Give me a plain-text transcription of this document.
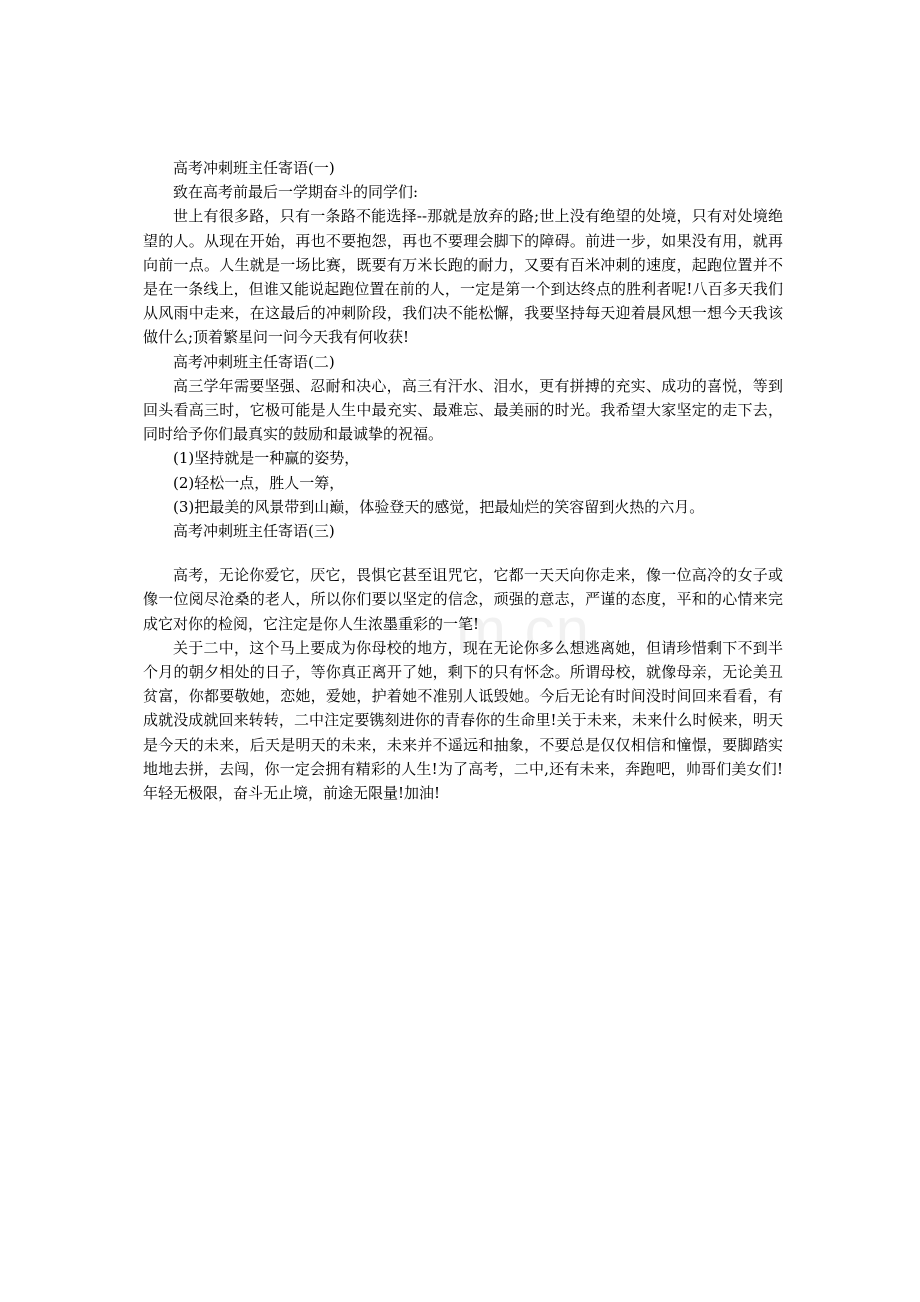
高考冲刺班主任寄语(一)

致在高考前最后一学期奋斗的同学们:

世上有很多路，只有一条路不能选择--那就是放弃的路;世上没有绝望的处境，只有对处境绝望的人。从现在开始，再也不要抱怨，再也不要理会脚下的障碍。前进一步，如果没有用，就再向前一点。人生就是一场比赛，既要有万米长跑的耐力，又要有百米冲刺的速度，起跑位置并不是在一条线上，但谁又能说起跑位置在前的人，一定是第一个到达终点的胜利者呢!八百多天我们从风雨中走来，在这最后的冲刺阶段，我们决不能松懈，我要坚持每天迎着晨风想一想今天我该做什么;顶着繁星问一问今天我有何收获!

高考冲刺班主任寄语(二)

高三学年需要坚强、忍耐和决心，高三有汗水、泪水，更有拼搏的充实、成功的喜悦，等到回头看高三时，它极可能是人生中最充实、最难忘、最美丽的时光。我希望大家坚定的走下去，同时给予你们最真实的鼓励和最诚挚的祝福。

(1)坚持就是一种赢的姿势，

(2)轻松一点，胜人一筹，

(3)把最美的风景带到山巅，体验登天的感觉，把最灿烂的笑容留到火热的六月。

高考冲刺班主任寄语(三)

高考，无论你爱它，厌它，畏惧它甚至诅咒它，它都一天天向你走来，像一位高冷的女子或像一位阅尽沧桑的老人，所以你们要以坚定的信念，顽强的意志，严谨的态度，平和的心情来完成它对你的检阅，它注定是你人生浓墨重彩的一笔!

关于二中，这个马上要成为你母校的地方，现在无论你多么想逃离她，但请珍惜剩下不到半个月的朝夕相处的日子，等你真正离开了她，剩下的只有怀念。所谓母校，就像母亲，无论美丑贫富，你都要敬她，恋她，爱她，护着她不准别人诋毁她。今后无论有时间没时间回来看看，有成就没成就回来转转，二中注定要镌刻进你的青春你的生命里!关于未来，未来什么时候来，明天是今天的未来，后天是明天的未来，未来并不遥远和抽象，不要总是仅仅相信和憧憬，要脚踏实地地去拼，去闯，你一定会拥有精彩的人生!为了高考，二中,还有未来，奔跑吧，帅哥们美女们!年轻无极限，奋斗无止境，前途无限量!加油!

m.cn
